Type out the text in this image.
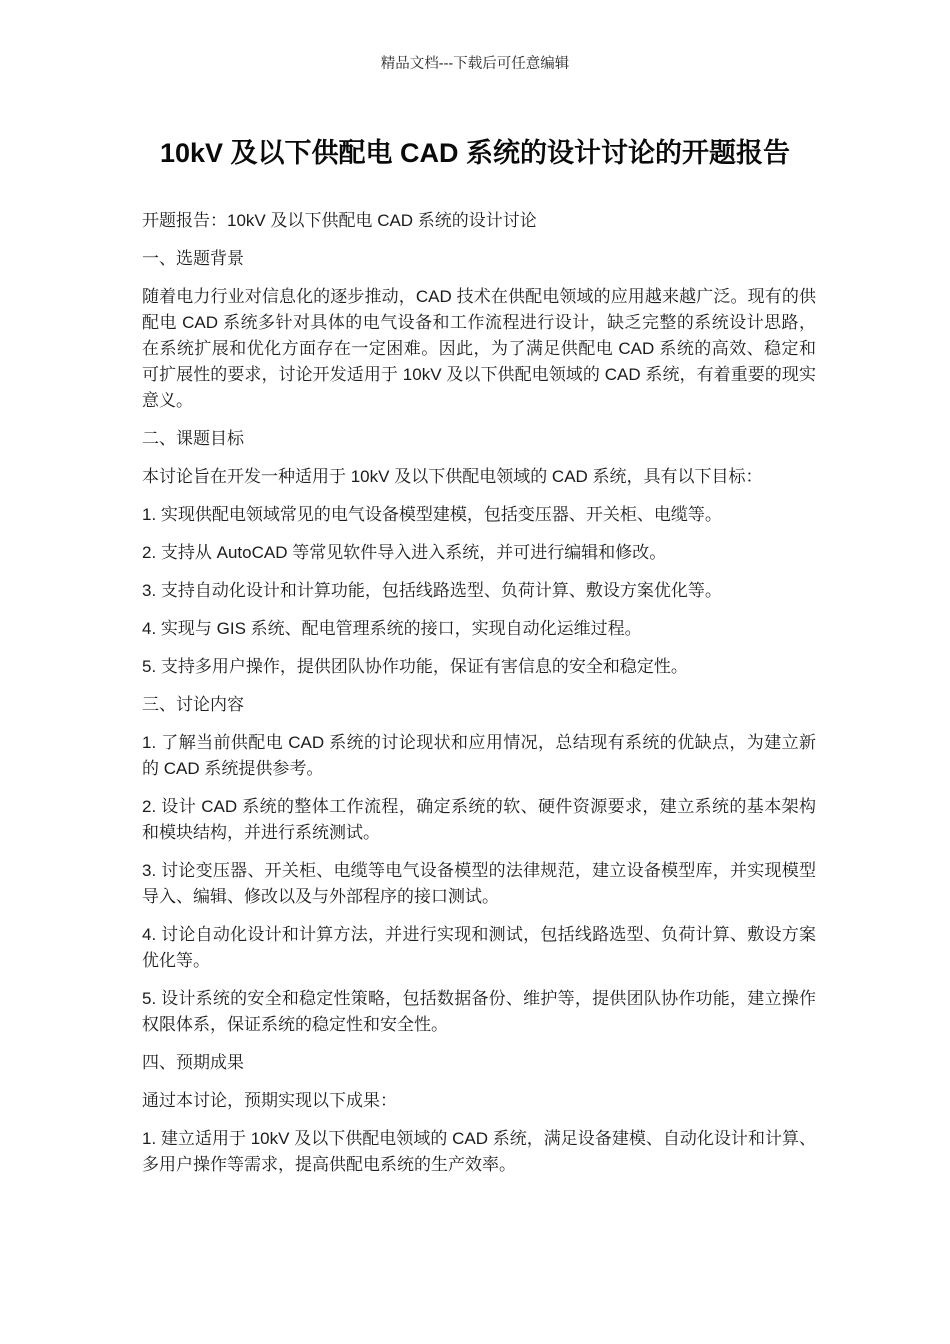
精品文档---下载后可任意编辑
10kV 及以下供配电 CAD 系统的设计讨论的开题报告

开题报告：10kV 及以下供配电 CAD 系统的设计讨论

一、选题背景

随着电力行业对信息化的逐步推动，CAD 技术在供配电领域的应用越来越广泛。现有的供配电 CAD 系统多针对具体的电气设备和工作流程进行设计，缺乏完整的系统设计思路，在系统扩展和优化方面存在一定困难。因此，为了满足供配电 CAD 系统的高效、稳定和可扩展性的要求，讨论开发适用于 10kV 及以下供配电领域的 CAD 系统，有着重要的现实意义。

二、课题目标

本讨论旨在开发一种适用于 10kV 及以下供配电领域的 CAD 系统，具有以下目标：

1. 实现供配电领域常见的电气设备模型建模，包括变压器、开关柜、电缆等。

2. 支持从 AutoCAD 等常见软件导入进入系统，并可进行编辑和修改。

3. 支持自动化设计和计算功能，包括线路选型、负荷计算、敷设方案优化等。

4. 实现与 GIS 系统、配电管理系统的接口，实现自动化运维过程。

5. 支持多用户操作，提供团队协作功能，保证有害信息的安全和稳定性。

三、讨论内容

1. 了解当前供配电 CAD 系统的讨论现状和应用情况，总结现有系统的优缺点，为建立新的 CAD 系统提供参考。

2. 设计 CAD 系统的整体工作流程，确定系统的软、硬件资源要求，建立系统的基本架构和模块结构，并进行系统测试。

3. 讨论变压器、开关柜、电缆等电气设备模型的法律规范，建立设备模型库，并实现模型导入、编辑、修改以及与外部程序的接口测试。

4. 讨论自动化设计和计算方法，并进行实现和测试，包括线路选型、负荷计算、敷设方案优化等。

5. 设计系统的安全和稳定性策略，包括数据备份、维护等，提供团队协作功能，建立操作权限体系，保证系统的稳定性和安全性。

四、预期成果

通过本讨论，预期实现以下成果：

1. 建立适用于 10kV 及以下供配电领域的 CAD 系统，满足设备建模、自动化设计和计算、多用户操作等需求，提高供配电系统的生产效率。
